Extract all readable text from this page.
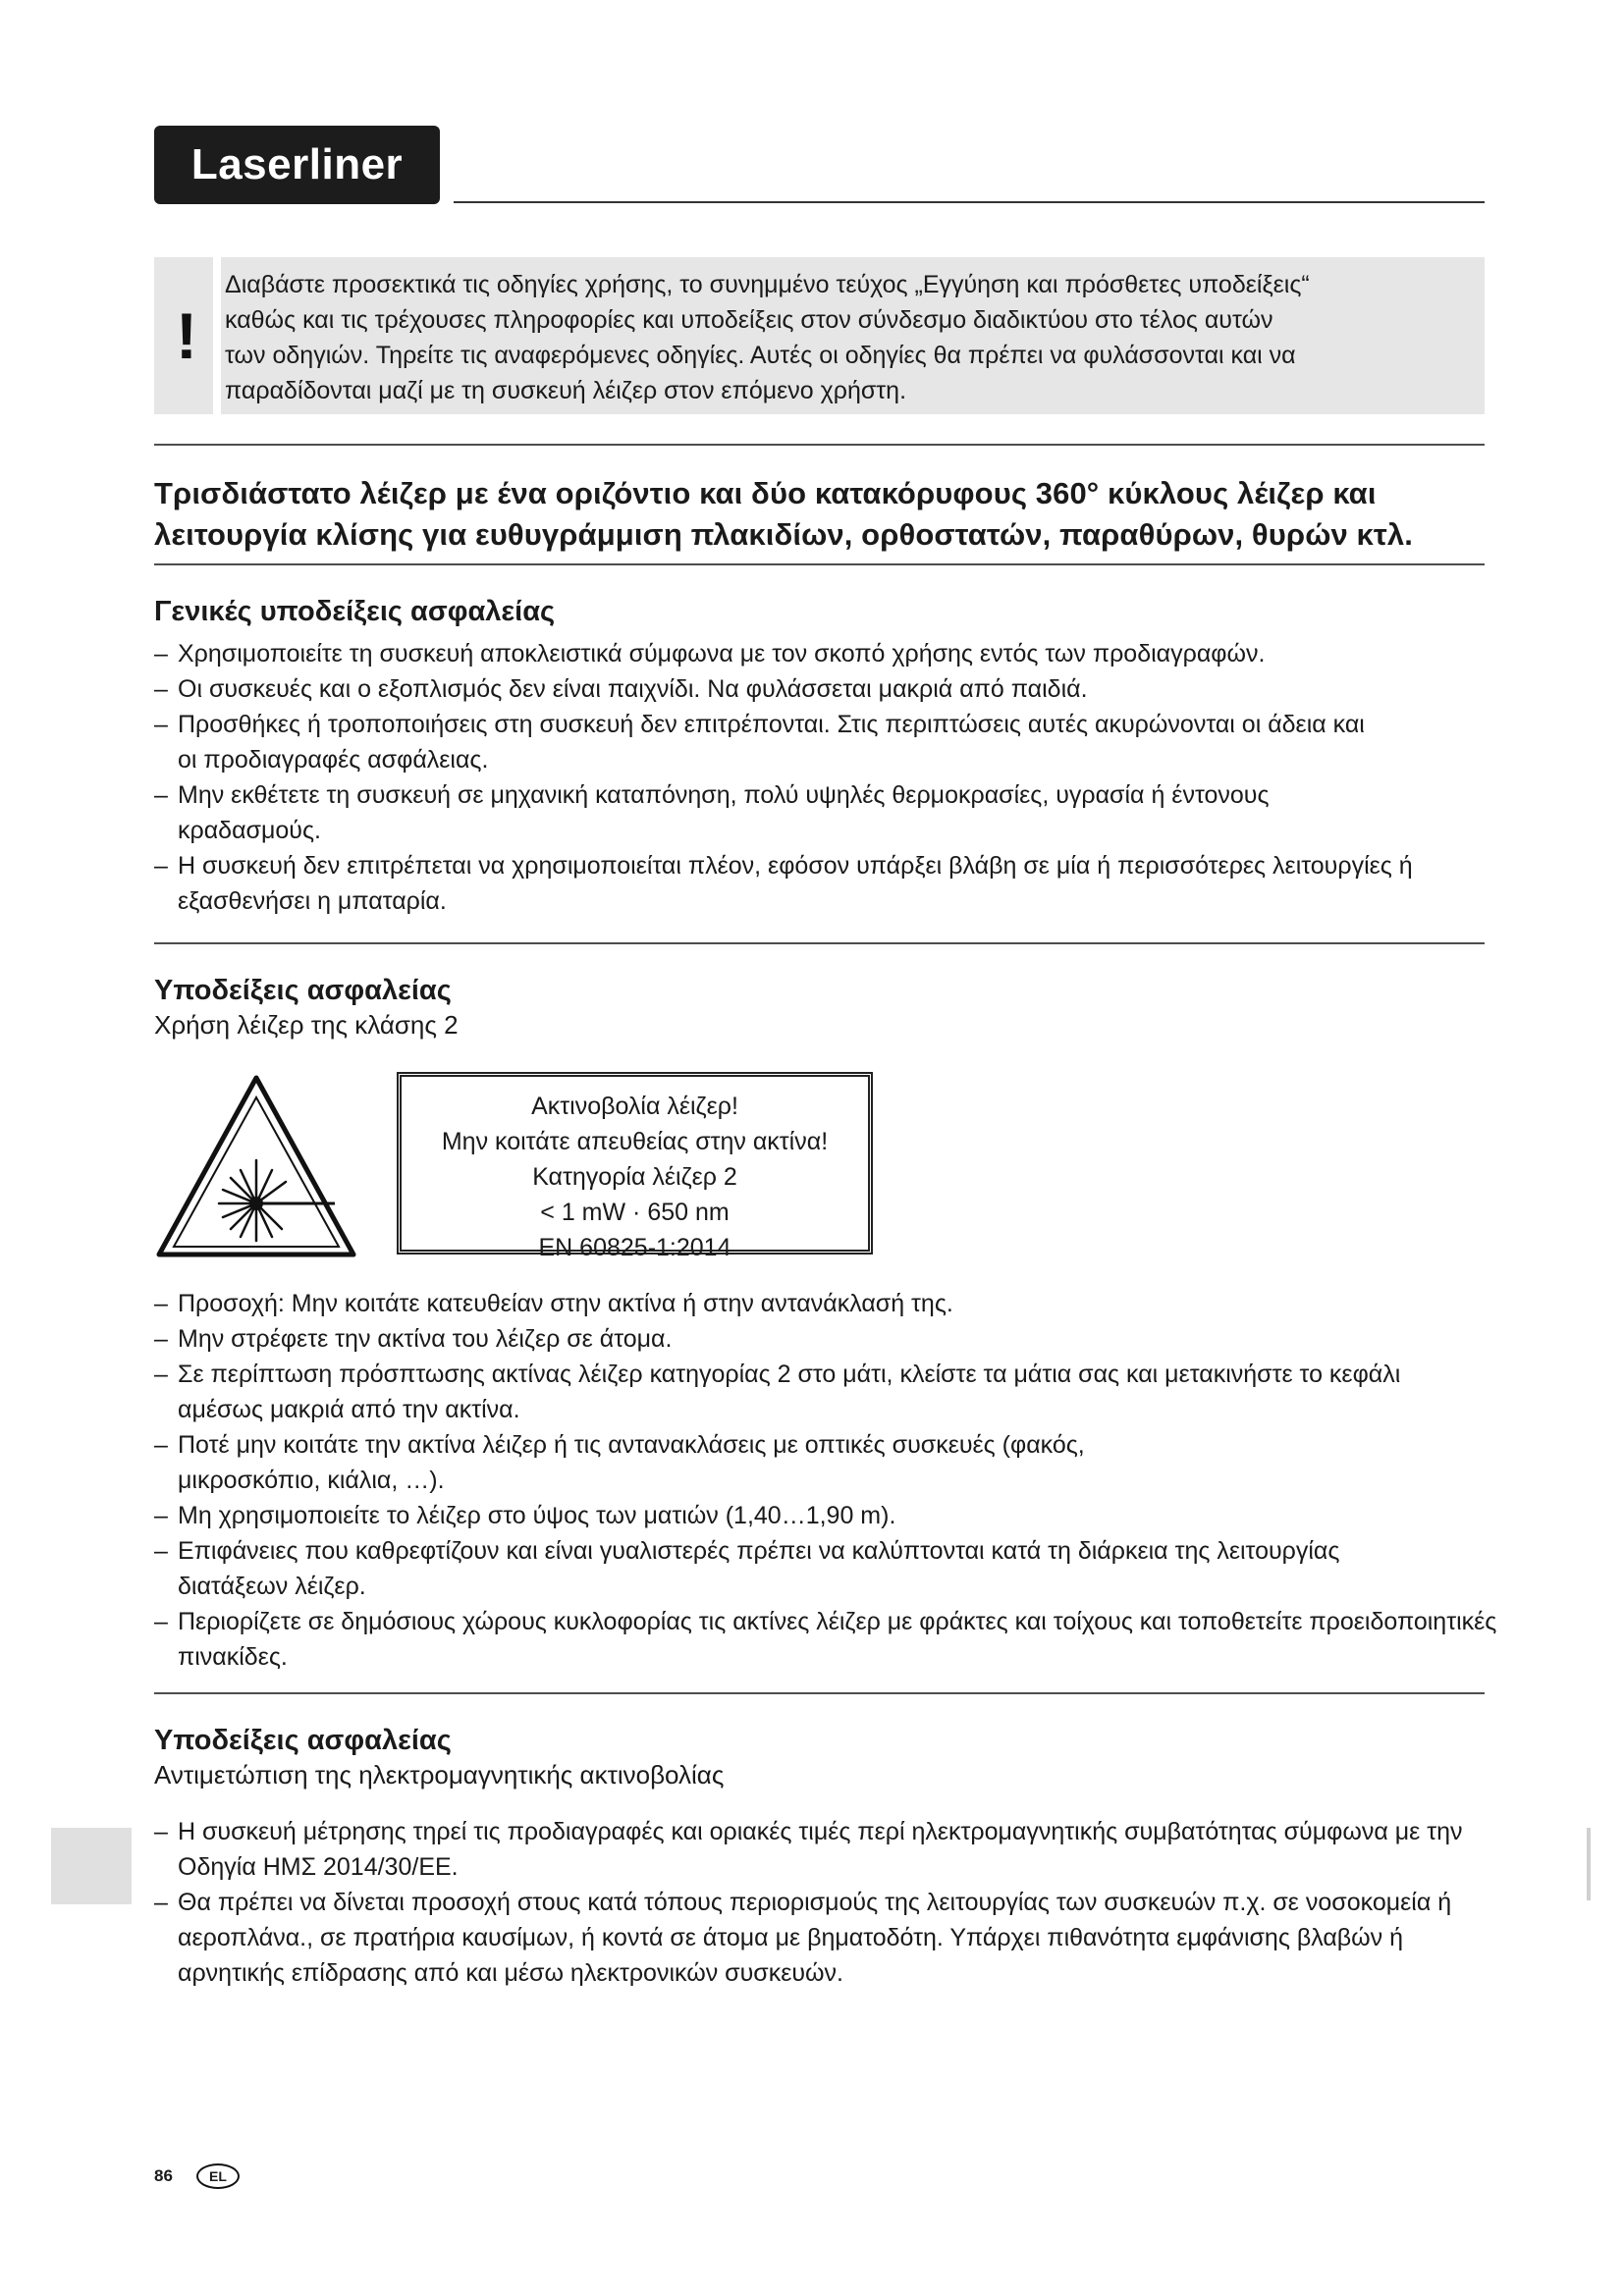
Laserliner
!
Διαβάστε προσεκτικά τις οδηγίες χρήσης, το συνημμένο τεύχος „Εγγύηση και πρόσθετες υποδείξεις“
καθώς και τις τρέχουσες πληροφορίες και υποδείξεις στον σύνδεσμο διαδικτύου στο τέλος αυτών
των οδηγιών. Τηρείτε τις αναφερόμενες οδηγίες. Αυτές οι οδηγίες θα πρέπει να φυλάσσονται και να
παραδίδονται μαζί με τη συσκευή λέιζερ στον επόμενο χρήστη.
Τρισδιάστατο λέιζερ με ένα οριζόντιο και δύο κατακόρυφους 360° κύκλους λέιζερ και
λειτουργία κλίσης για ευθυγράμμιση πλακιδίων, ορθοστατών, παραθύρων, θυρών κτλ.
Γενικές υποδείξεις ασφαλείας
– Χρησιμοποιείτε τη συσκευή αποκλειστικά σύμφωνα με τον σκοπό χρήσης εντός των προδιαγραφών.
– Οι συσκευές και ο εξοπλισμός δεν είναι παιχνίδι. Να φυλάσσεται μακριά από παιδιά.
– Προσθήκες ή τροποποιήσεις στη συσκευή δεν επιτρέπονται. Στις περιπτώσεις αυτές ακυρώνονται οι άδεια και οι προδιαγραφές ασφάλειας.
– Μην εκθέτετε τη συσκευή σε μηχανική καταπόνηση, πολύ υψηλές θερμοκρασίες, υγρασία ή έντονους κραδασμούς.
– Η συσκευή δεν επιτρέπεται να χρησιμοποιείται πλέον, εφόσον υπάρξει βλάβη σε μία ή περισσότερες λειτουργίες ή εξασθενήσει η μπαταρία.
Υποδείξεις ασφαλείας
Χρήση λέιζερ της κλάσης 2
Ακτινοβολία λέιζερ!
Μην κοιτάτε απευθείας στην ακτίνα!
Κατηγορία λέιζερ 2
< 1 mW · 650 nm
EN 60825-1:2014
– Προσοχή: Μην κοιτάτε κατευθείαν στην ακτίνα ή στην αντανάκλασή της.
– Μην στρέφετε την ακτίνα του λέιζερ σε άτομα.
– Σε περίπτωση πρόσπτωσης ακτίνας λέιζερ κατηγορίας 2 στο μάτι, κλείστε τα μάτια σας και μετακινήστε το κεφάλι αμέσως μακριά από την ακτίνα.
– Ποτέ μην κοιτάτε την ακτίνα λέιζερ ή τις αντανακλάσεις με οπτικές συσκευές (φακός, μικροσκόπιο, κιάλια, …).
– Μη χρησιμοποιείτε το λέιζερ στο ύψος των ματιών (1,40…1,90 m).
– Επιφάνειες που καθρεφτίζουν και είναι γυαλιστερές πρέπει να καλύπτονται κατά τη διάρκεια της λειτουργίας διατάξεων λέιζερ.
– Περιορίζετε σε δημόσιους χώρους κυκλοφορίας τις ακτίνες λέιζερ με φράκτες και τοίχους και τοποθετείτε προειδοποιητικές πινακίδες.
Υποδείξεις ασφαλείας
Αντιμετώπιση της ηλεκτρομαγνητικής ακτινοβολίας
– Η συσκευή μέτρησης τηρεί τις προδιαγραφές και οριακές τιμές περί ηλεκτρομαγνητικής συμβατότητας σύμφωνα με την Οδηγία ΗΜΣ 2014/30/ΕΕ.
– Θα πρέπει να δίνεται προσοχή στους κατά τόπους περιορισμούς της λειτουργίας των συσκευών π.χ. σε νοσοκομεία ή αεροπλάνα., σε πρατήρια καυσίμων, ή κοντά σε άτομα με βηματοδότη. Υπάρχει πιθανότητα εμφάνισης βλαβών ή αρνητικής επίδρασης από και μέσω ηλεκτρονικών συσκευών.
86	EL
